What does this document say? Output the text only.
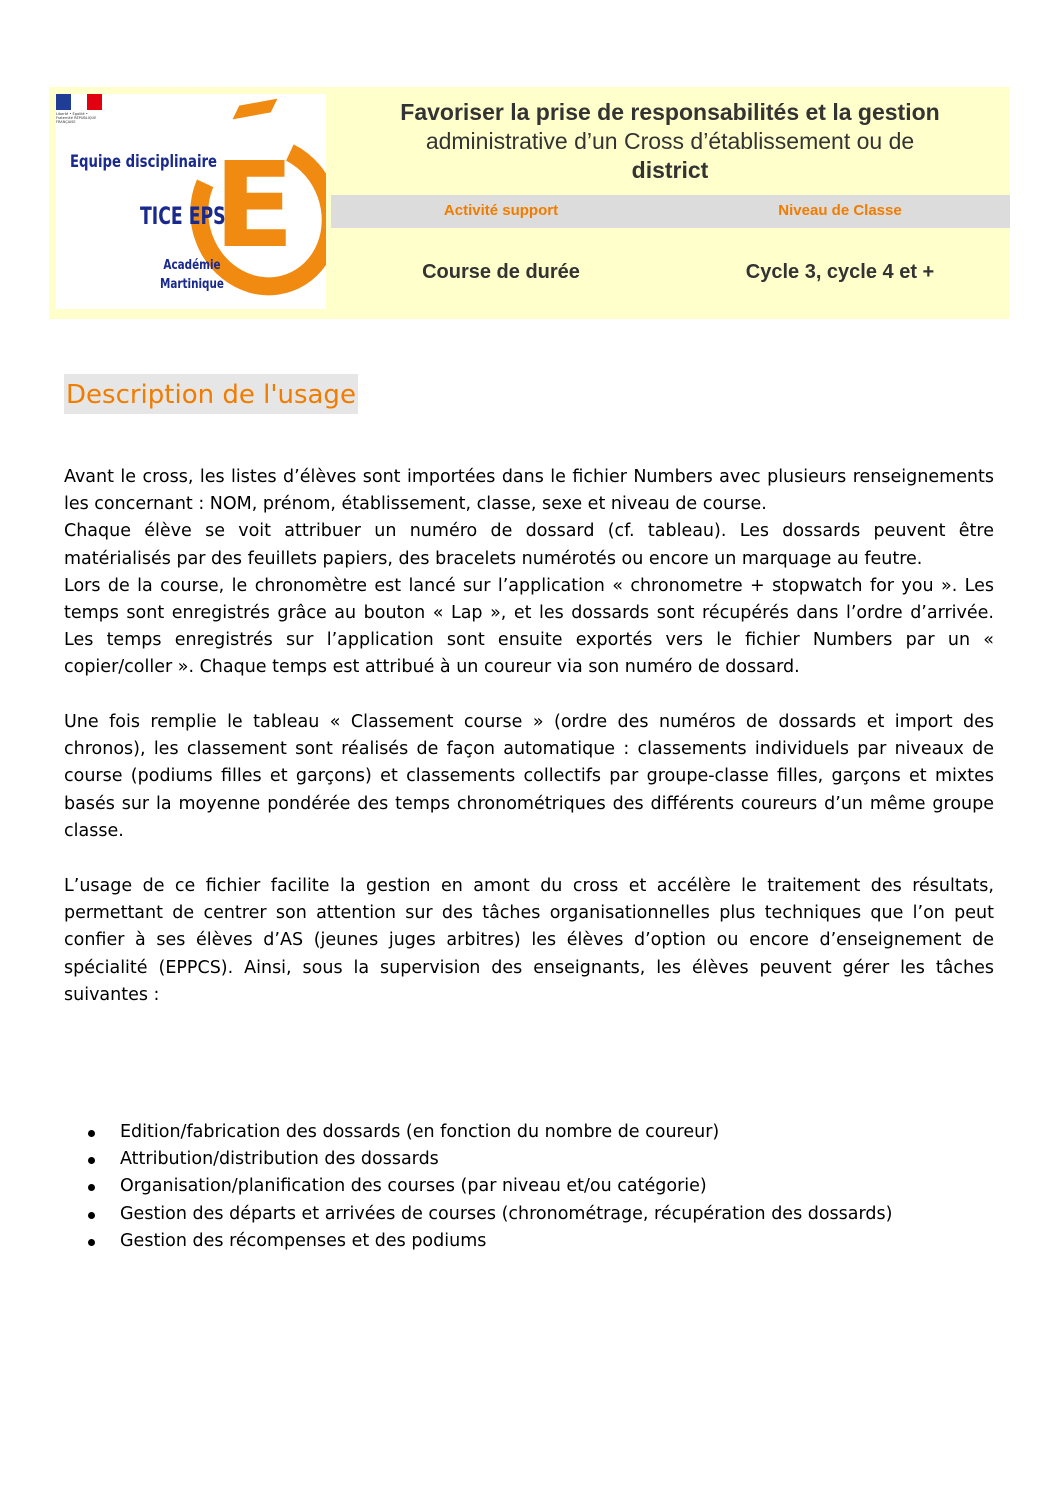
Liberté • Égalité • Fraternité RÉPUBLIQUE FRANÇAISE
E
Equipe disciplinaire
TICE EPS
Académie
Martinique
Favoriser la prise de responsabilités et la gestion
administrative d’un Cross d’établissement ou de
district
Activité support	Niveau de Classe
Course de durée	Cycle 3, cycle 4 et +
Description de l'usage

Avant le cross, les listes d’élèves sont importées dans le fichier Numbers avec plusieurs renseignements les concernant : NOM, prénom, établissement, classe, sexe et niveau de course.

Chaque élève se voit attribuer un numéro de dossard (cf. tableau). Les dossards peuvent être matérialisés par des feuillets papiers, des bracelets numérotés ou encore un marquage au feutre.

Lors de la course, le chronomètre est lancé sur l’application « chronometre + stopwatch for you ». Les temps sont enregistrés grâce au bouton « Lap », et les dossards sont récupérés dans l’ordre d’arrivée. Les temps enregistrés sur l’application sont ensuite exportés vers le fichier Numbers par un « copier/coller ». Chaque temps est attribué à un coureur via son numéro de dossard.

Une fois remplie le tableau « Classement course » (ordre des numéros de dossards et import des chronos), les classement sont réalisés de façon automatique : classements individuels par niveaux de course (podiums filles et garçons) et classements collectifs par groupe-classe filles, garçons et mixtes basés sur la moyenne pondérée des temps chronométriques des différents coureurs d’un même groupe classe.

L’usage de ce fichier facilite la gestion en amont du cross et accélère le traitement des résultats, permettant de centrer son attention sur des tâches organisationnelles plus techniques que l’on peut confier à ses élèves d’AS (jeunes juges arbitres) les élèves d’option ou encore d’enseignement de spécialité (EPPCS). Ainsi, sous la supervision des enseignants, les élèves peuvent gérer les tâches suivantes :

Edition/fabrication des dossards (en fonction du nombre de coureur)
Attribution/distribution des dossards
Organisation/planification des courses (par niveau et/ou catégorie)
Gestion des départs et arrivées de courses (chronométrage, récupération des dossards)
Gestion des récompenses et des podiums
